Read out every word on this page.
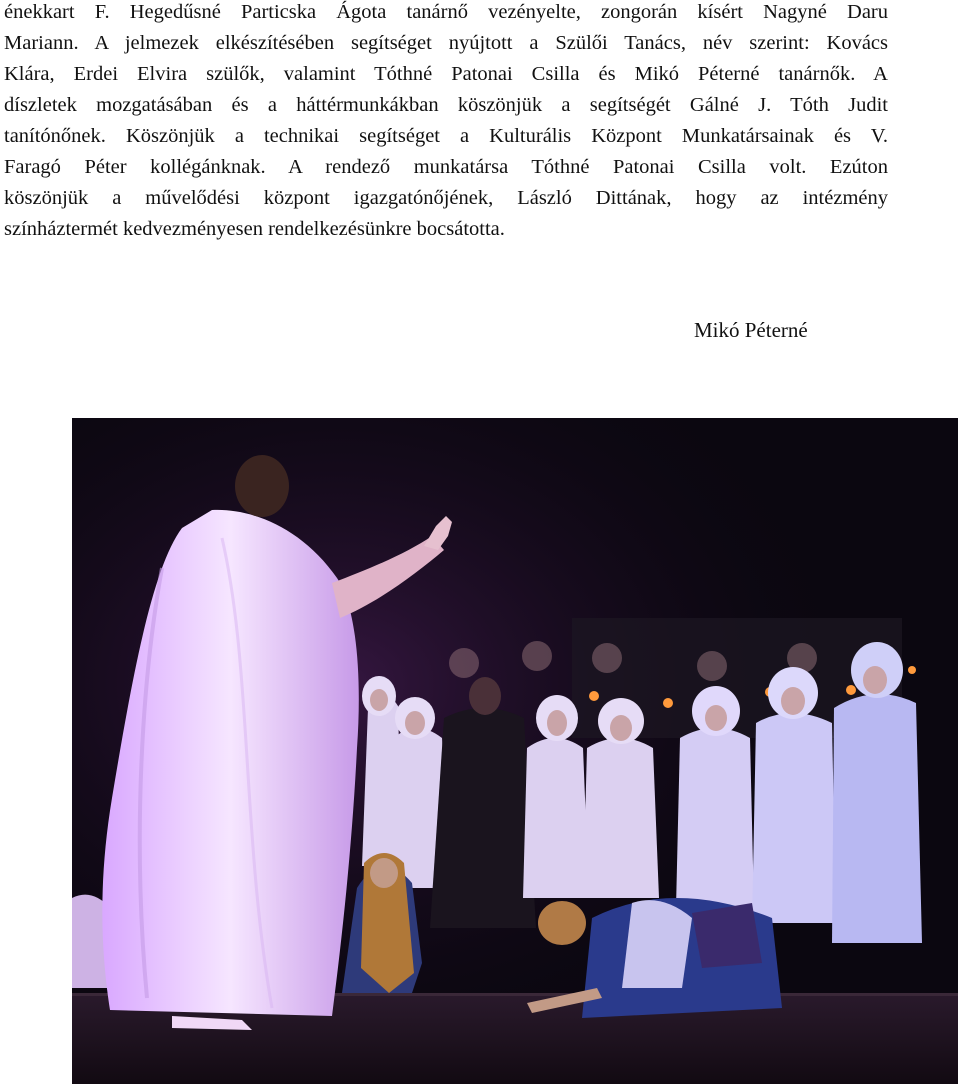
énekkart F. Hegedűsné Particska Ágota tanárnő vezényelte, zongorán kísért Nagyné Daru
Mariann. A jelmezek elkészítésében segítséget nyújtott a Szülői Tanács, név szerint: Kovács
Klára, Erdei Elvira szülők, valamint Tóthné Patonai Csilla és Mikó Péterné tanárnők. A
díszletek mozgatásában és a háttérmunkákban köszönjük a segítségét Gálné J. Tóth Judit
tanítónőnek. Köszönjük a technikai segítséget a Kulturális Központ Munkatársainak és V.
Faragó Péter kollégánknak. A rendező munkatársa Tóthné Patonai Csilla volt. Ezúton
köszönjük a művelődési központ igazgatónőjének, László Dittának, hogy az intézmény
színháztermét kedvezményesen rendelkezésünkre bocsátotta.
Mikó Péterné
